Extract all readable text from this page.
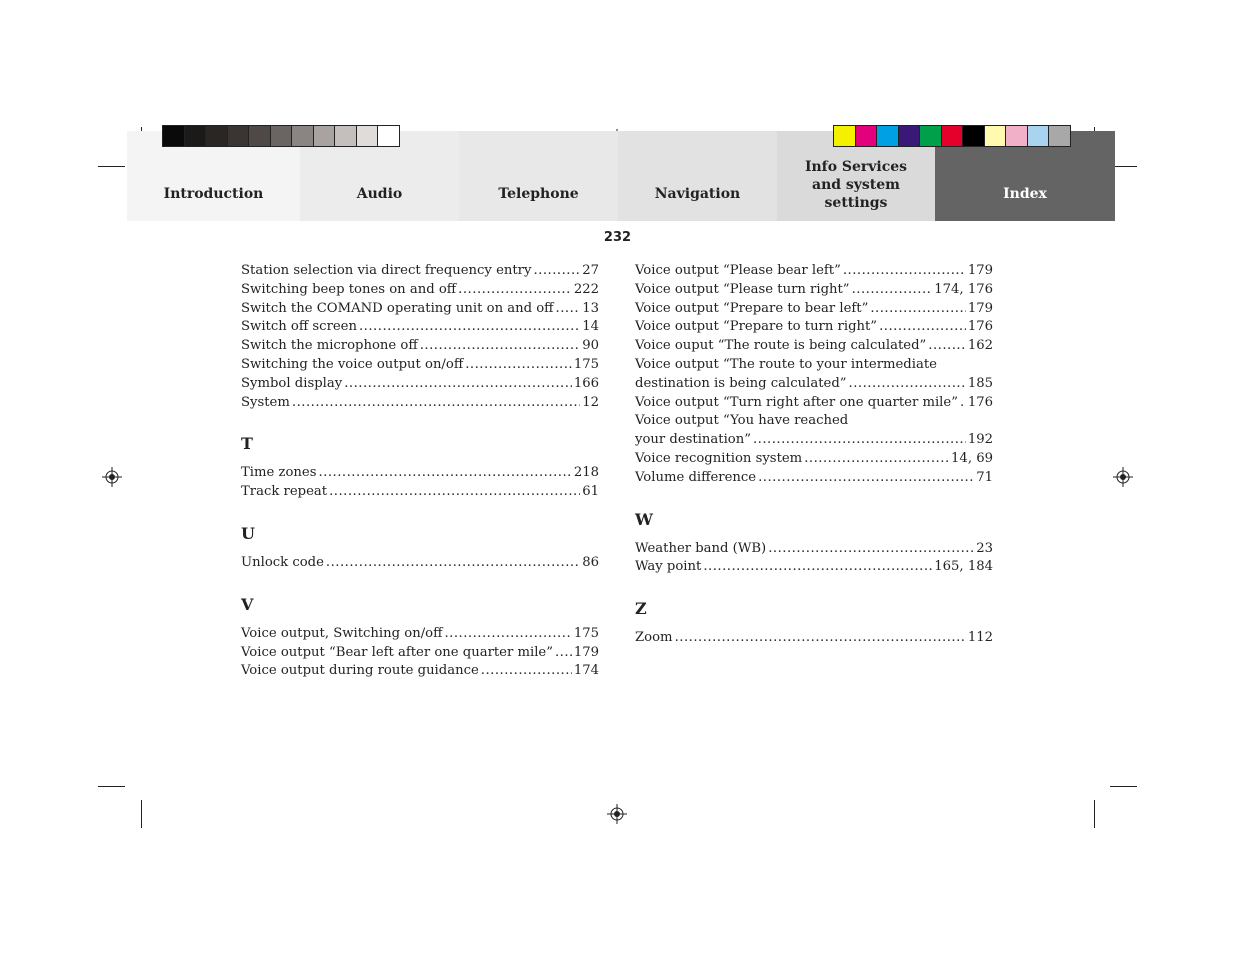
Introduction	Audio	Telephone	Navigation
Info Services and system settings
Index
232
Station selection via direct frequency entry .....	27
Switching beep tones on and off .....	222
Switch the COMAND operating unit on and off ..... 13
Switch off screen .....	14
Switch the microphone off .....	90
Switching the voice output on/off .....	175
Symbol display .....	166
System .....	12
T
Time zones .....	218
Track repeat .....	61
U
Unlock code .....	86
V
Voice output, Switching on/off .....	175
Voice output “Bear left after one quarter mile” ..... 179
Voice output during route guidance .....	174
Voice output “Please bear left” .....	179
Voice output “Please turn right” .....	174, 176
Voice output “Prepare to bear left” .....	179
Voice output “Prepare to turn right” .....	176
Voice ouput “The route is being calculated” .....	162
Voice output “The route to your intermediate
destination is being calculated” .....	185
Voice output “Turn right after one quarter mile” ..... 176
Voice output “You have reached
your destination” .....	192
Voice recognition system .....	14, 69
Volume difference .....	71
W
Weather band (WB) .....	23
Way point .....	165, 184
Z
Zoom .....	112
